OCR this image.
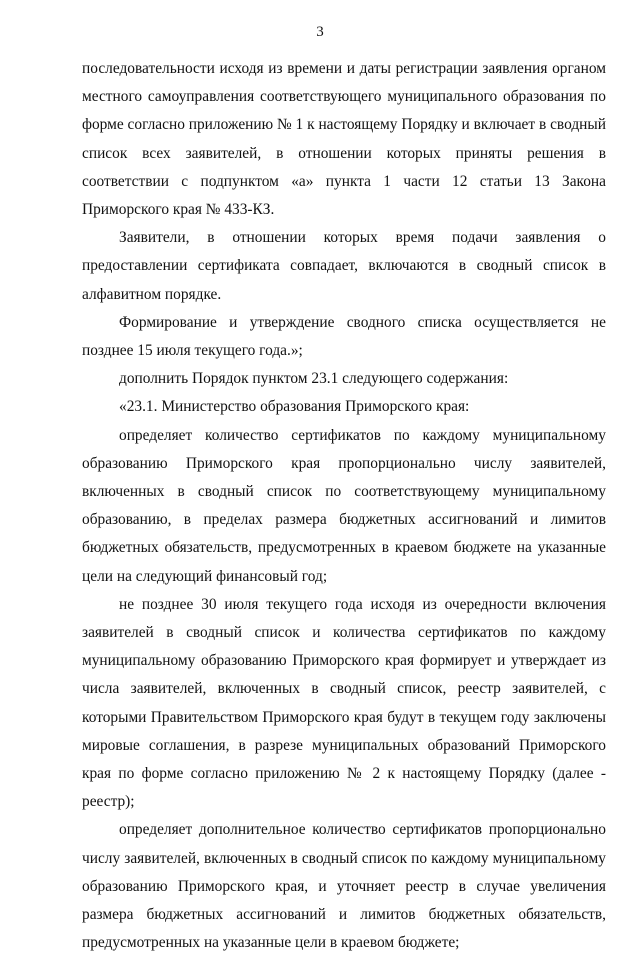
3

последовательности исходя из времени и даты регистрации заявления органом местного самоуправления соответствующего муниципального образования по форме согласно приложению № 1 к настоящему Порядку и включает в сводный список всех заявителей, в отношении которых приняты решения в соответствии с подпунктом «а» пункта 1 части 12 статьи 13 Закона Приморского края № 433-КЗ.

Заявители, в отношении которых время подачи заявления о предоставлении сертификата совпадает, включаются в сводный список в алфавитном порядке.

Формирование и утверждение сводного списка осуществляется не позднее 15 июля текущего года.»;

дополнить Порядок пунктом 23.1 следующего содержания:

«23.1. Министерство образования Приморского края:

определяет количество сертификатов по каждому муниципальному образованию Приморского края пропорционально числу заявителей, включенных в сводный список по соответствующему муниципальному образованию, в пределах размера бюджетных ассигнований и лимитов бюджетных обязательств, предусмотренных в краевом бюджете на указанные цели на следующий финансовый год;

не позднее 30 июля текущего года исходя из очередности включения заявителей в сводный список и количества сертификатов по каждому муниципальному образованию Приморского края формирует и утверждает из числа заявителей, включенных в сводный список, реестр заявителей, с которыми Правительством Приморского края будут в текущем году заключены мировые соглашения, в разрезе муниципальных образований Приморского края по форме согласно приложению № 2 к настоящему Порядку (далее - реестр);

определяет дополнительное количество сертификатов пропорционально числу заявителей, включенных в сводный список по каждому муниципальному образованию Приморского края, и уточняет реестр в случае увеличения размера бюджетных ассигнований и лимитов бюджетных обязательств, предусмотренных на указанные цели в краевом бюджете;
